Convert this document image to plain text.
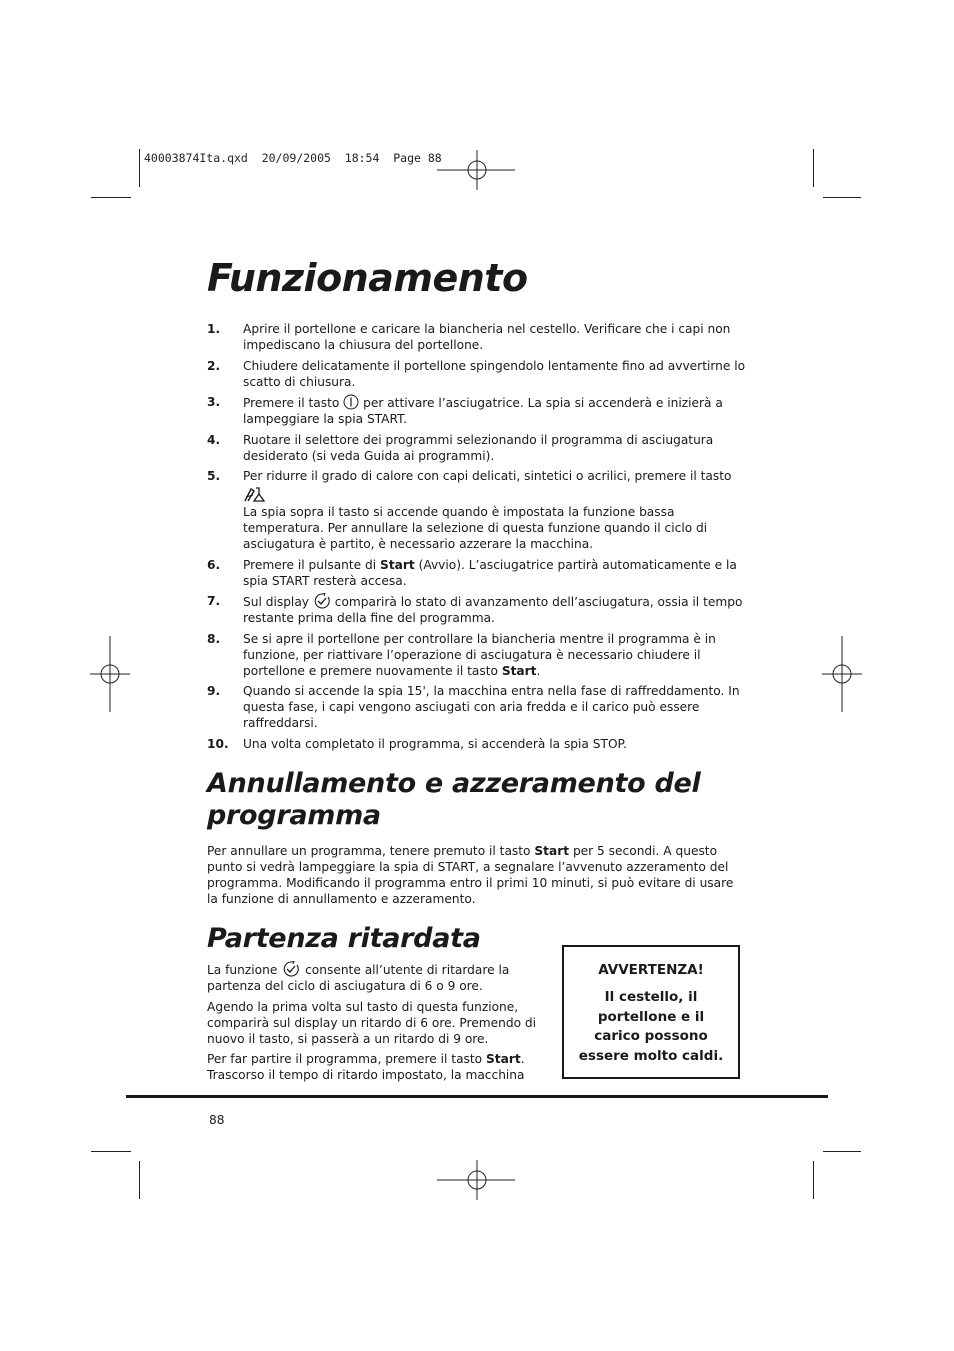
40003874Ita.qxd  20/09/2005  18:54  Page 88
Funzionamento
1.	Aprire il portellone e caricare la biancheria nel cestello. Verificare che i capi non impediscano la chiusura del portellone.
2.	Chiudere delicatamente il portellone spingendolo lentamente fino ad avvertirne lo scatto di chiusura.
3.	Premere il tasto per attivare l’asciugatrice. La spia si accenderà e inizierà a lampeggiare la spia START.
4.	Ruotare il selettore dei programmi selezionando il programma di asciugatura desiderato (si veda Guida ai programmi).
5.	Per ridurre il grado di calore con capi delicati, sintetici o acrilici, premere il tasto

La spia sopra il tasto si accende quando è impostata la funzione bassa temperatura. Per annullare la selezione di questa funzione quando il ciclo di asciugatura è partito, è necessario azzerare la macchina.
6.	Premere il pulsante di Start (Avvio). L’asciugatrice partirà automaticamente e la spia START resterà accesa.
7.	Sul display comparirà lo stato di avanzamento dell’asciugatura, ossia il tempo restante prima della fine del programma.
8.	Se si apre il portellone per controllare la biancheria mentre il programma è in funzione, per riattivare l’operazione di asciugatura è necessario chiudere il portellone e premere nuovamente il tasto Start.
9.	Quando si accende la spia 15', la macchina entra nella fase di raffreddamento. In questa fase, i capi vengono asciugati con aria fredda e il carico può essere raffreddarsi.
10.	Una volta completato il programma, si accenderà la spia STOP.
Annullamento e azzeramento del programma

Per annullare un programma, tenere premuto il tasto Start per 5 secondi. A questo punto si vedrà lampeggiare la spia di START, a segnalare l’avvenuto azzeramento del programma. Modificando il programma entro il primi 10 minuti, si può evitare di usare la funzione di annullamento e azzeramento.

Partenza ritardata

La funzione consente all’utente di ritardare la partenza del ciclo di asciugatura di 6 o 9 ore.

Agendo la prima volta sul tasto di questa funzione, comparirà sul display un ritardo di 6 ore. Premendo di nuovo il tasto, si passerà a un ritardo di 9 ore.

Per far partire il programma, premere il tasto Start. Trascorso il tempo di ritardo impostato, la macchina

AVVERTENZA!
Il cestello, il portellone e il carico possono essere molto caldi.
88
